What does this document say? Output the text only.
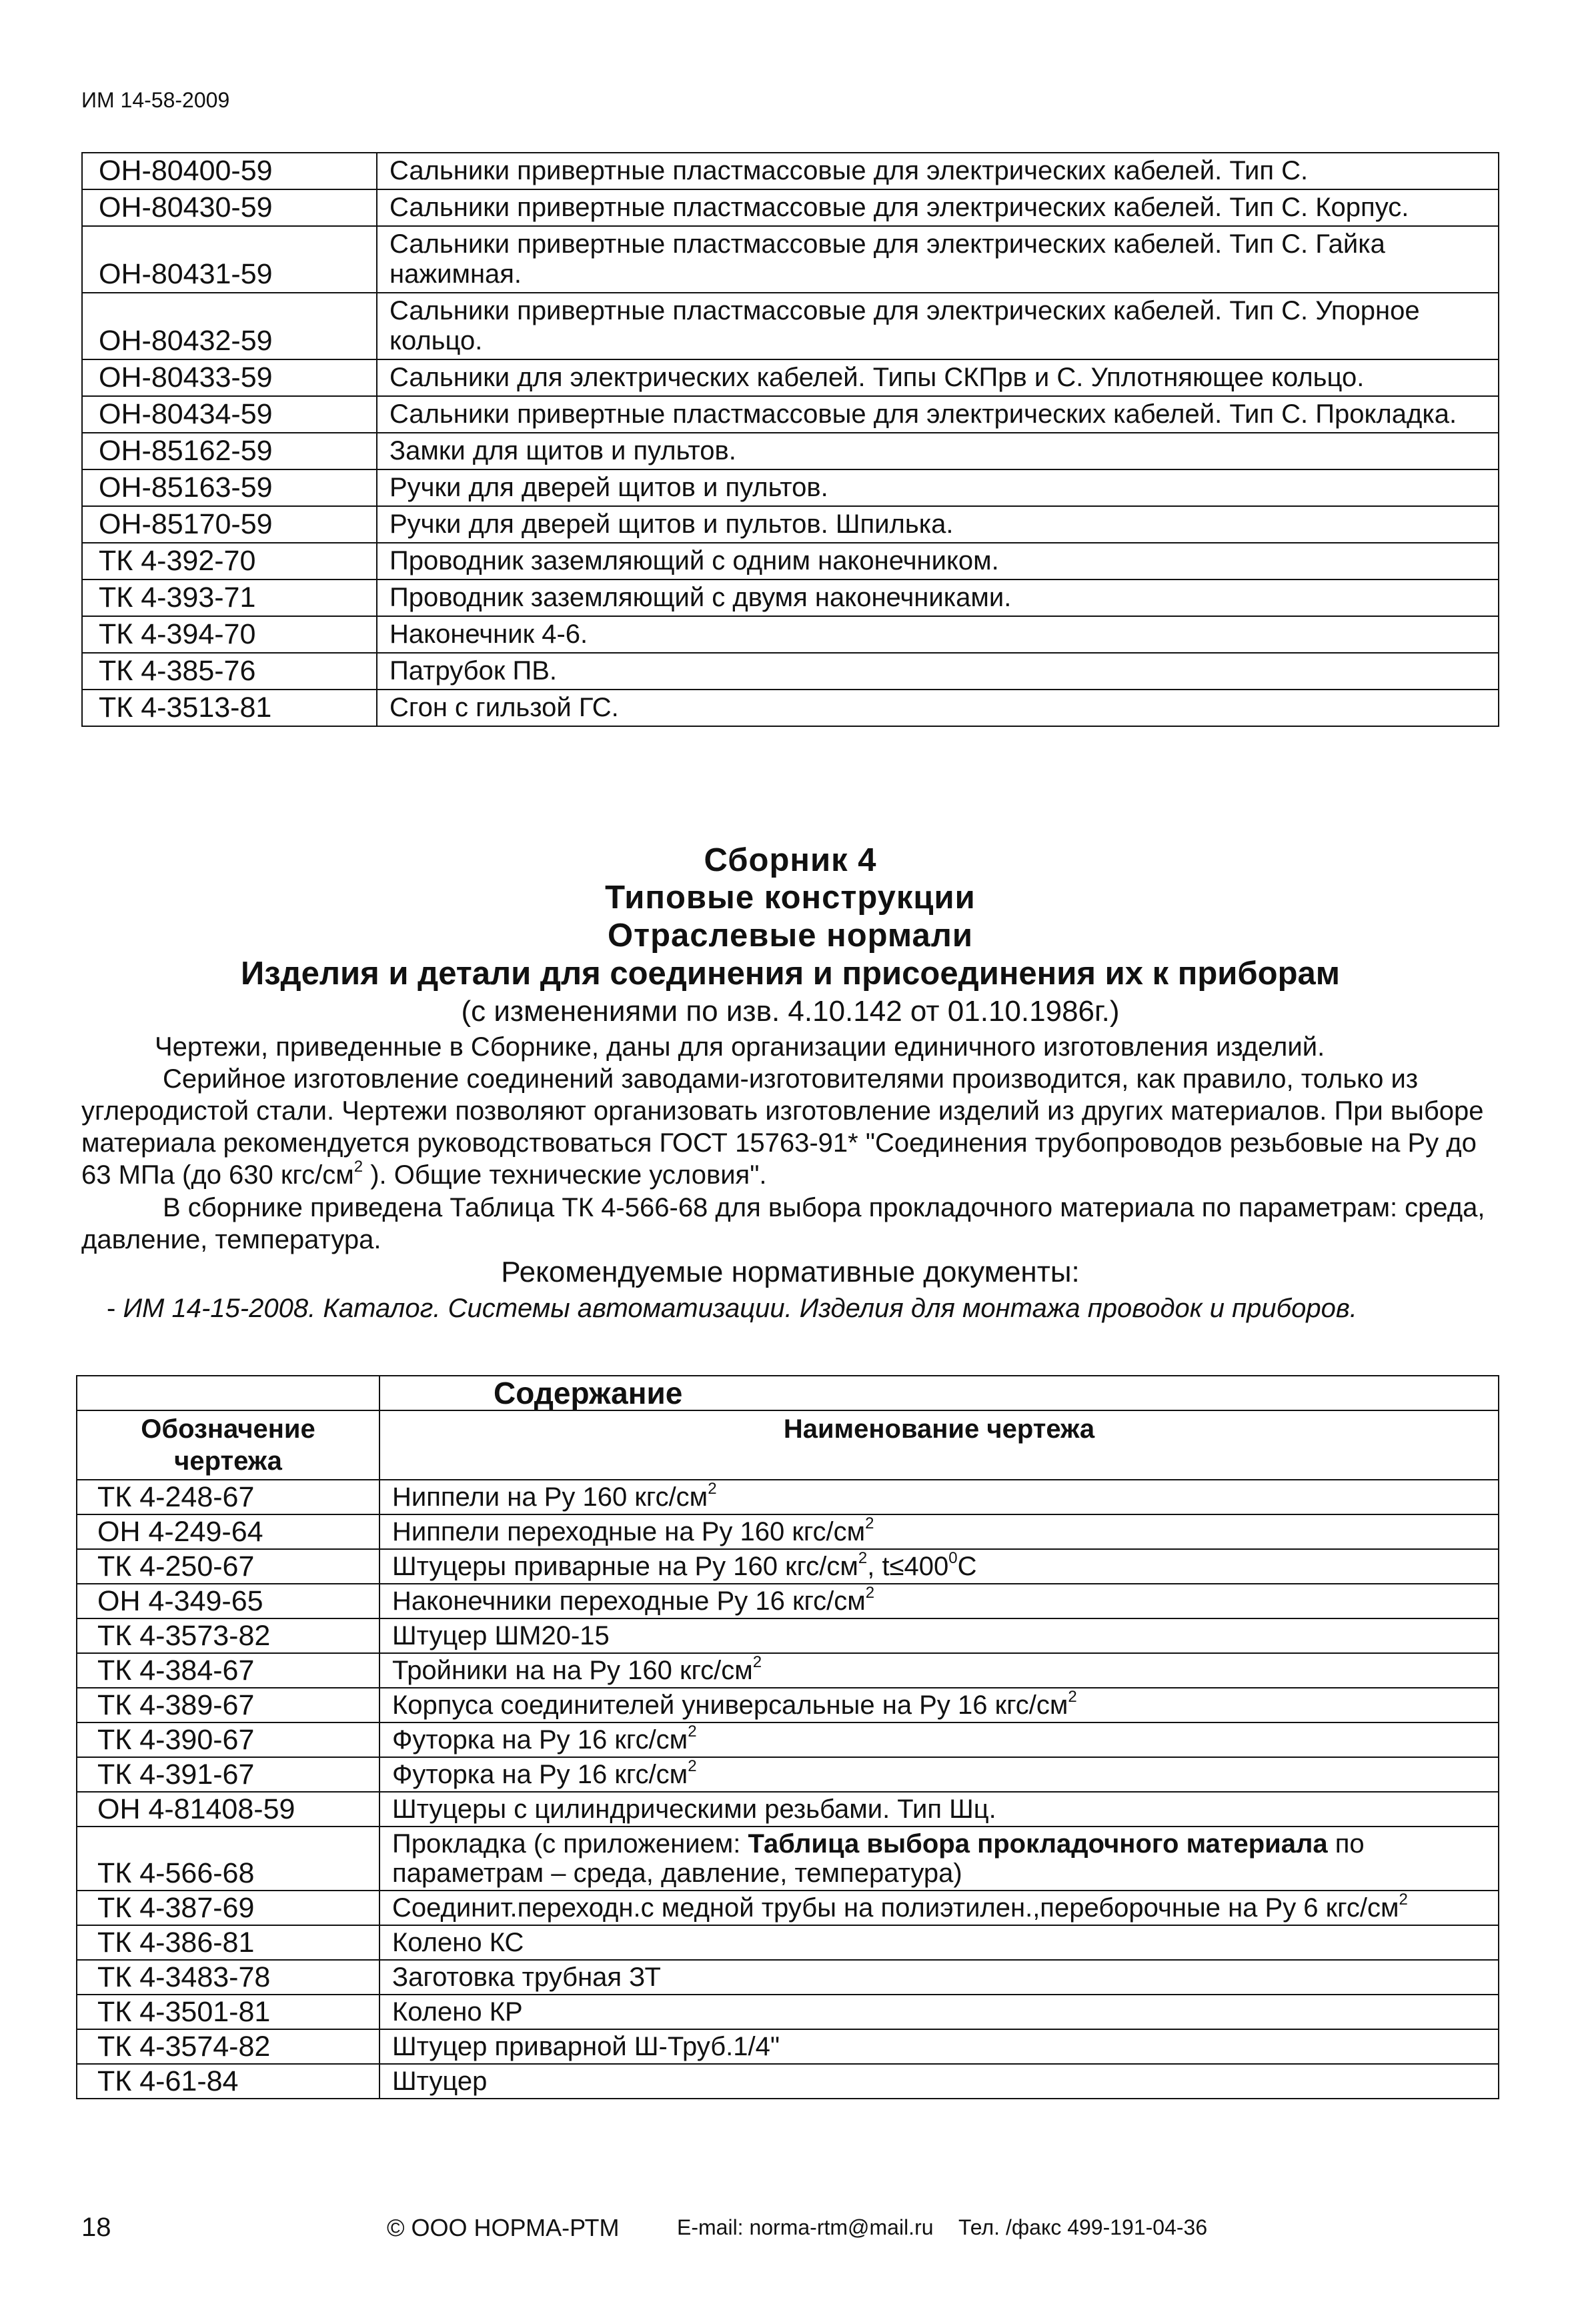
ИМ 14-58-2009
ОН-80400-59	Сальники привертные пластмассовые для электрических кабелей. Тип С.
ОН-80430-59	Сальники привертные пластмассовые для электрических кабелей. Тип С. Корпус.
ОН-80431-59	Сальники привертные пластмассовые для электрических кабелей. Тип С. Гайка нажимная.
ОН-80432-59	Сальники привертные пластмассовые для электрических кабелей. Тип С. Упорное кольцо.
ОН-80433-59	Сальники для электрических кабелей. Типы СКПрв и С. Уплотняющее кольцо.
ОН-80434-59	Сальники привертные пластмассовые для электрических кабелей. Тип С. Прокладка.
ОН-85162-59	Замки для щитов и пультов.
ОН-85163-59	Ручки для дверей щитов и пультов.
ОН-85170-59	Ручки для дверей щитов и пультов. Шпилька.
ТК 4-392-70	Проводник заземляющий с одним наконечником.
ТК 4-393-71	Проводник заземляющий с двумя наконечниками.
ТК 4-394-70	Наконечник 4-6.
ТК 4-385-76	Патрубок ПВ.
ТК 4-3513-81	Сгон с гильзой ГС.
Сборник 4
Типовые конструкции
Отраслевые нормали
Изделия и детали для соединения и присоединения их к приборам
(с изменениями по изв. 4.10.142 от 01.10.1986г.)
Чертежи, приведенные в Сборнике, даны для организации единичного изготовления изделий.
Серийное изготовление соединений заводами-изготовителями производится, как правило, только из углеродистой стали. Чертежи позволяют организовать изготовление изделий из других материалов. При выборе материала рекомендуется руководствоваться ГОСТ 15763-91* "Соединения трубопроводов резьбовые на Ру до 63 МПа (до 630 кгс/$см^2$ ). Общие технические условия".
В сборнике приведена Таблица ТК 4-566-68 для выбора прокладочного материала по параметрам: среда, давление, температура.
Рекомендуемые нормативные документы:
- ИМ 14-15-2008. Каталог. Системы автоматизации. Изделия для монтажа проводок и приборов.
	Содержание
Обозначение чертежа	Наименование чертежа
ТК 4-248-67	Ниппели на Ру 160 кгс/$см^2$
ОН 4-249-64	Ниппели переходные на Ру 160 кгс/$см^2$
ТК 4-250-67	Штуцеры приварные на Ру 160 кгс/$см^2$, $t\le 400^0C$
ОН 4-349-65	Наконечники переходные Ру 16 кгс/$см^2$
ТК 4-3573-82	Штуцер ШМ20-15
ТК 4-384-67	Тройники на на Ру 160 кгс/$см^2$
ТК 4-389-67	Корпуса соединителей универсальные на Ру 16 кгс/$см^2$
ТК 4-390-67	Футорка на Ру 16 кгс/$см^2$
ТК 4-391-67	Футорка на Ру 16 кгс/$см^2$
ОН 4-81408-59	Штуцеры с цилиндрическими резьбами. Тип Шц.
ТК 4-566-68	Прокладка (с приложением: Таблица выбора прокладочного материала по параметрам – среда, давление, температура)
ТК 4-387-69	Соединит.переходн.с медной трубы на полиэтилен.,переборочные на Ру 6 кгс/$см^2$
ТК 4-386-81	Колено КС
ТК 4-3483-78	Заготовка трубная ЗТ
ТК 4-3501-81	Колено КР
ТК 4-3574-82	Штуцер приварной Ш-Труб.1/4"
ТК 4-61-84	Штуцер
18	© ООО НОРМА-РТМ	E-mail: norma-rtm@mail.ru Тел. /факс 499-191-04-36
